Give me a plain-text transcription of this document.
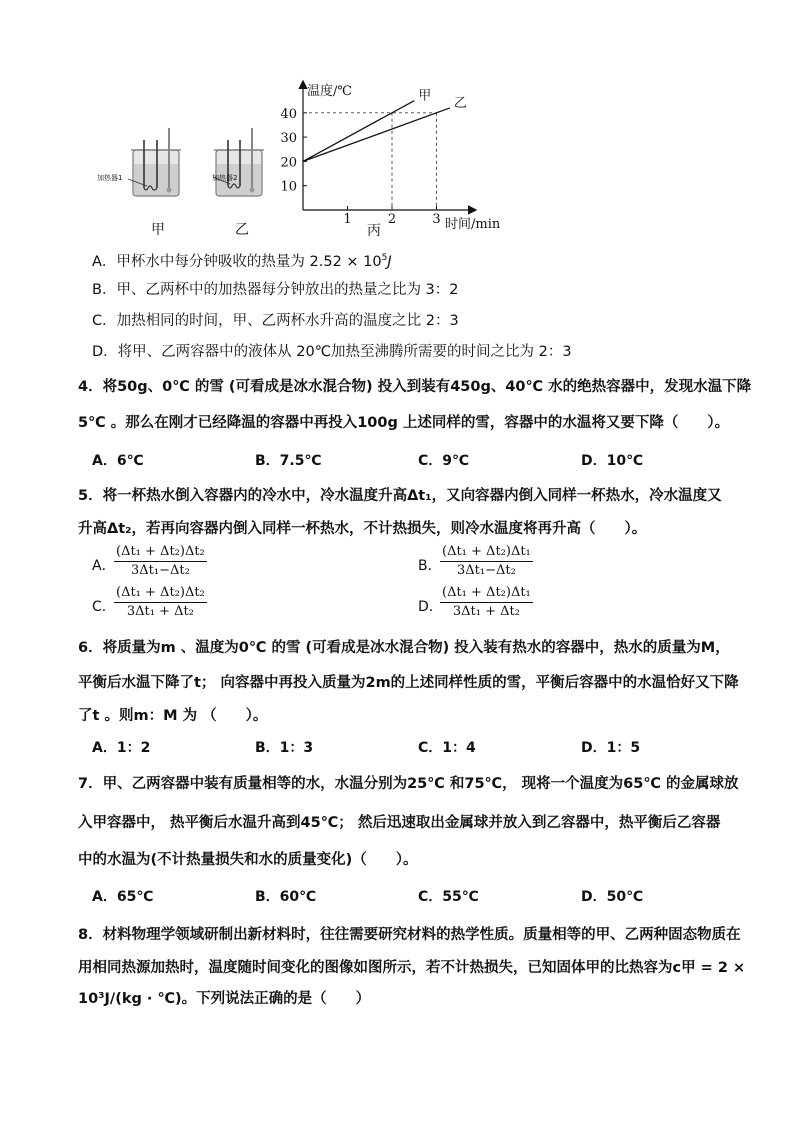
加热器1
甲
加热器2
乙
10
20
30
40
1	2	3
甲 乙
温度/℃
时间/min
丙
A．甲杯水中每分钟吸收的热量为 $2.52 \times 10^5J$
B．甲、乙两杯中的加热器每分钟放出的热量之比为 3：2
C．加热相同的时间，甲、乙两杯水升高的温度之比 2：3
D．将甲、乙两容器中的液体从 20℃加热至沸腾所需要的时间之比为 2：3
4．将50g、0℃ 的雪 (可看成是冰水混合物) 投入到装有450g、40℃ 水的绝热容器中，发现水温下降
5℃ 。那么在刚才已经降温的容器中再投入100g 上述同样的雪，容器中的水温将又要下降（　　）。
A．6℃	B．7.5℃	C．9℃	D．10℃
5．将一杯热水倒入容器内的冷水中，冷水温度升高Δt₁，又向容器内倒入同样一杯热水，冷水温度又
升高Δt₂，若再向容器内倒入同样一杯热水，不计热损失，则冷水温度将再升高（　　）。
A．
$\frac{\text{(Δt₁ + Δt₂)Δt₂}}{\text{3Δt₁−Δt₂}}$	B．
$\frac{\text{(Δt₁ + Δt₂)Δt₁}}{\text{3Δt₁−Δt₂}}$
C．
$\frac{\text{(Δt₁ + Δt₂)Δt₂}}{\text{3Δt₁ + Δt₂}}$	D．
$\frac{\text{(Δt₁ + Δt₂)Δt₁}}{\text{3Δt₁ + Δt₂}}$
6．将质量为m 、温度为0℃ 的雪 (可看成是冰水混合物) 投入装有热水的容器中，热水的质量为M，
平衡后水温下降了t； 向容器中再投入质量为2m的上述同样性质的雪，平衡后容器中的水温恰好又下降
了t 。则m：M 为 （　　）。
A．1：2	B．1：3	C．1：4	D．1：5
7．甲、乙两容器中装有质量相等的水，水温分别为25℃ 和75℃， 现将一个温度为65℃ 的金属球放
入甲容器中， 热平衡后水温升高到45℃； 然后迅速取出金属球并放入到乙容器中，热平衡后乙容器
中的水温为(不计热量损失和水的质量变化)（　　）。
A．65℃	B．60℃	C．55℃	D．50℃
8．材料物理学领域研制出新材料时，往往需要研究材料的热学性质。质量相等的甲、乙两种固态物质在
用相同热源加热时，温度随时间变化的图像如图所示，若不计热损失，已知固体甲的比热容为c甲 = 2 ×
10³J/(kg · ℃)。下列说法正确的是（　　）
